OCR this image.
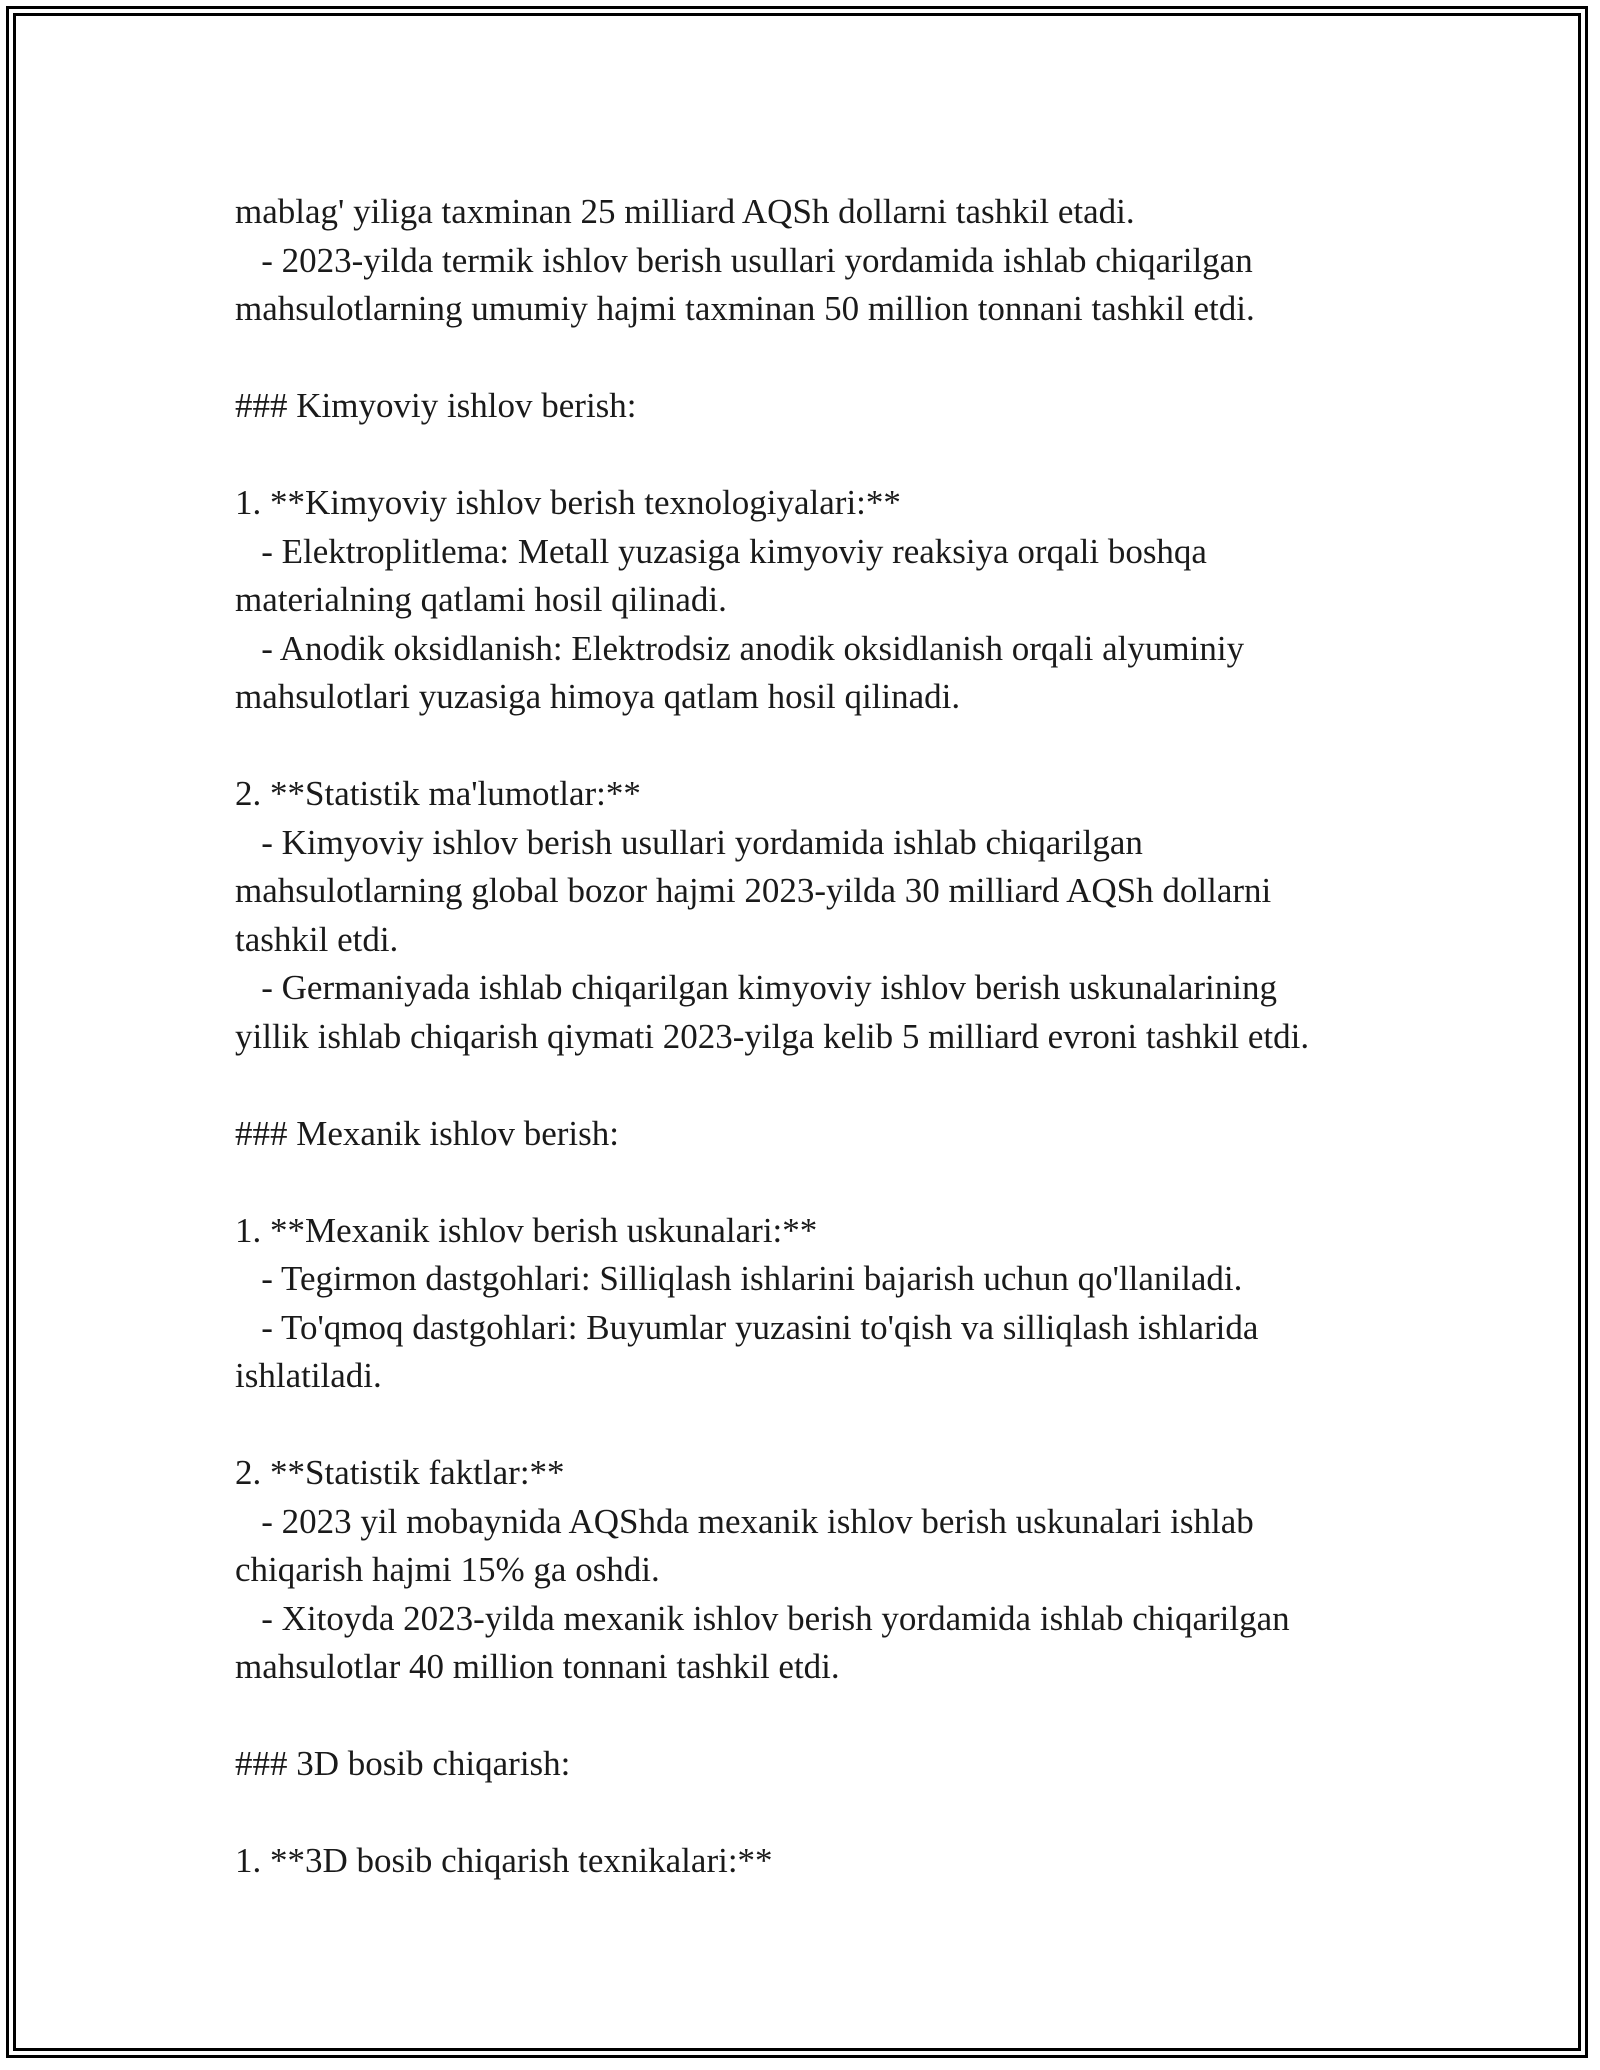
mablag' yiliga taxminan 25 milliard AQSh dollarni tashkil etadi.
- 2023-yilda termik ishlov berish usullari yordamida ishlab chiqarilgan
mahsulotlarning umumiy hajmi taxminan 50 million tonnani tashkil etdi.
### Kimyoviy ishlov berish:
1. **Kimyoviy ishlov berish texnologiyalari:**
- Elektroplitlema: Metall yuzasiga kimyoviy reaksiya orqali boshqa
materialning qatlami hosil qilinadi.
- Anodik oksidlanish: Elektrodsiz anodik oksidlanish orqali alyuminiy
mahsulotlari yuzasiga himoya qatlam hosil qilinadi.
2. **Statistik ma'lumotlar:**
- Kimyoviy ishlov berish usullari yordamida ishlab chiqarilgan
mahsulotlarning global bozor hajmi 2023-yilda 30 milliard AQSh dollarni
tashkil etdi.
- Germaniyada ishlab chiqarilgan kimyoviy ishlov berish uskunalarining
yillik ishlab chiqarish qiymati 2023-yilga kelib 5 milliard evroni tashkil etdi.
### Mexanik ishlov berish:
1. **Mexanik ishlov berish uskunalari:**
- Tegirmon dastgohlari: Silliqlash ishlarini bajarish uchun qo'llaniladi.
- To'qmoq dastgohlari: Buyumlar yuzasini to'qish va silliqlash ishlarida
ishlatiladi.
2. **Statistik faktlar:**
- 2023 yil mobaynida AQShda mexanik ishlov berish uskunalari ishlab
chiqarish hajmi 15% ga oshdi.
- Xitoyda 2023-yilda mexanik ishlov berish yordamida ishlab chiqarilgan
mahsulotlar 40 million tonnani tashkil etdi.
### 3D bosib chiqarish:
1. **3D bosib chiqarish texnikalari:**
